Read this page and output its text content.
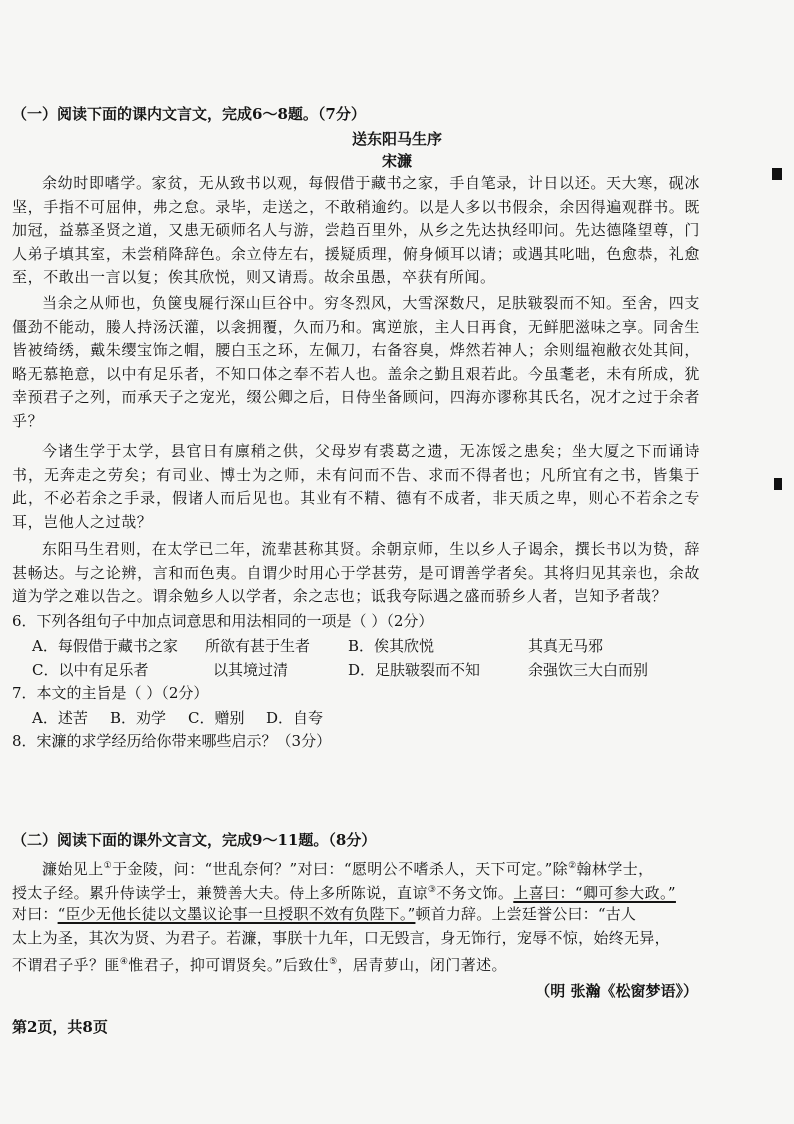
（一）阅读下面的课内文言文，完成6～8题。（7分）
送东阳马生序
宋濂
余幼时即嗜学。家贫，无从致书以观，每假借于藏书之家，手自笔录，计日以还。天大寒，砚冰坚，手指不可屈伸，弗之怠。录毕，走送之，不敢稍逾约。以是人多以书假余，余因得遍观群书。既加冠，益慕圣贤之道，又患无硕师名人与游，尝趋百里外，从乡之先达执经叩问。先达德隆望尊，门人弟子填其室，未尝稍降辞色。余立侍左右，援疑质理，俯身倾耳以请；或遇其叱咄，色愈恭，礼愈至，不敢出一言以复；俟其欣悦，则又请焉。故余虽愚，卒获有所闻。
当余之从师也，负箧曳屣行深山巨谷中。穷冬烈风，大雪深数尺，足肤皲裂而不知。至舍，四支僵劲不能动，媵人持汤沃灌，以衾拥覆，久而乃和。寓逆旅，主人日再食，无鲜肥滋味之享。同舍生皆被绮绣，戴朱缨宝饰之帽，腰白玉之环，左佩刀，右备容臭，烨然若神人；余则缊袍敝衣处其间，略无慕艳意，以中有足乐者，不知口体之奉不若人也。盖余之勤且艰若此。今虽耄老，未有所成，犹幸预君子之列，而承天子之宠光，缀公卿之后，日侍坐备顾问，四海亦谬称其氏名，况才之过于余者乎？
今诸生学于太学，县官日有廪稍之供，父母岁有裘葛之遗，无冻馁之患矣；坐大厦之下而诵诗书，无奔走之劳矣；有司业、博士为之师，未有问而不告、求而不得者也；凡所宜有之书，皆集于此，不必若余之手录，假诸人而后见也。其业有不精、德有不成者，非天质之卑，则心不若余之专耳，岂他人之过哉？
东阳马生君则，在太学已二年，流辈甚称其贤。余朝京师，生以乡人子谒余，撰长书以为贽，辞甚畅达。与之论辨，言和而色夷。自谓少时用心于学甚劳，是可谓善学者矣。其将归见其亲也，余故道为学之难以告之。谓余勉乡人以学者，余之志也；诋我夸际遇之盛而骄乡人者，岂知予者哉？
6．下列各组句子中加点词意思和用法相同的一项是（ ）（2分）
A．每假借于藏书之家 所欲有甚于生者	B．俟其欣悦	其真无马邪
C．以中有足乐者	以其境过清	D．足肤皲裂而不知	余强饮三大白而别
7．本文的主旨是（ ）（2分）
A．述苦 B．劝学 C．赠别 D．自夸
8．宋濂的求学经历给你带来哪些启示？（3分）
（二）阅读下面的课外文言文，完成9～11题。（8分）
濂始见上①于金陵，问：“世乱奈何？”对曰：“愿明公不嗜杀人，天下可定。”除②翰林学士，
授太子经。累升侍读学士，兼赞善大夫。侍上多所陈说，直谅③不务文饰。上喜曰：“卿可参大政。”
对曰：“臣少无他长徒以文墨议论事一旦授职不效有负陛下。”顿首力辞。上尝廷誉公曰：“古人
太上为圣，其次为贤、为君子。若濂，事朕十九年，口无毁言，身无饰行，宠辱不惊，始终无异，
不谓君子乎？匪④惟君子，抑可谓贤矣。”后致仕⑤，居青萝山，闭门著述。
（明 张瀚《松窗梦语》）
第2页，共8页
